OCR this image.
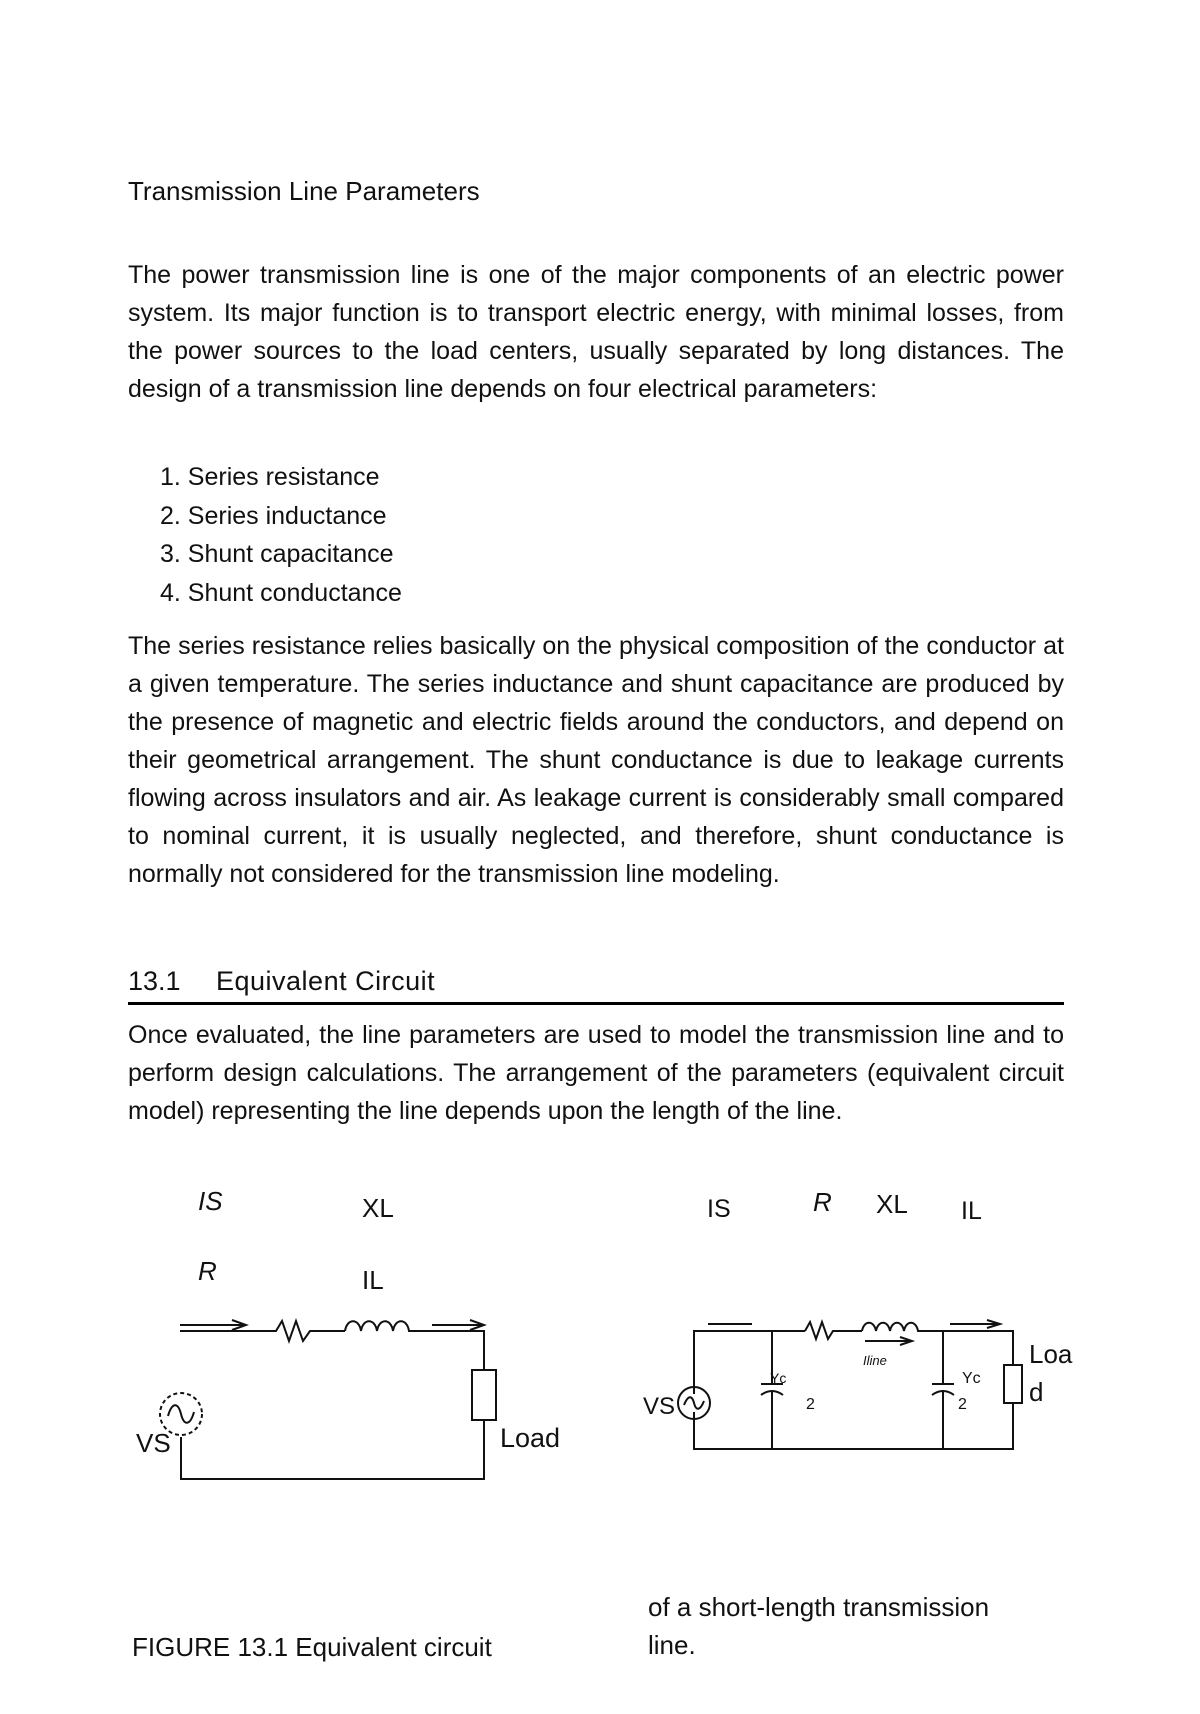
Transmission Line Parameters

The power transmission line is one of the major components of an electric power system. Its major function is to transport electric energy, with minimal losses, from the power sources to the load centers, usually separated by long distances. The design of a transmission line depends on four electrical parameters:

1. Series resistance
2. Series inductance
3. Shunt capacitance
4. Shunt conductance

The series resistance relies basically on the physical composition of the conductor at a given temperature. The series inductance and shunt capacitance are produced by the presence of magnetic and electric fields around the conductors, and depend on their geometrical arrangement. The shunt conductance is due to leakage currents flowing across insulators and air. As leakage current is considerably small compared to nominal current, it is usually neglected, and therefore, shunt conductance is normally not considered for the transmission line modeling.

13.1 Equivalent Circuit

Once evaluated, the line parameters are used to model the transmission line and to perform design calculations. The arrangement of the parameters (equivalent circuit model) representing the line depends upon the length of the line.

IS	XL
R	IL
VS	Load
IS	R XL IL
VS
Iline
Yc
2
Yc
2
Loa
d
of a short-length transmission
line.
FIGURE 13.1 Equivalent circuit
